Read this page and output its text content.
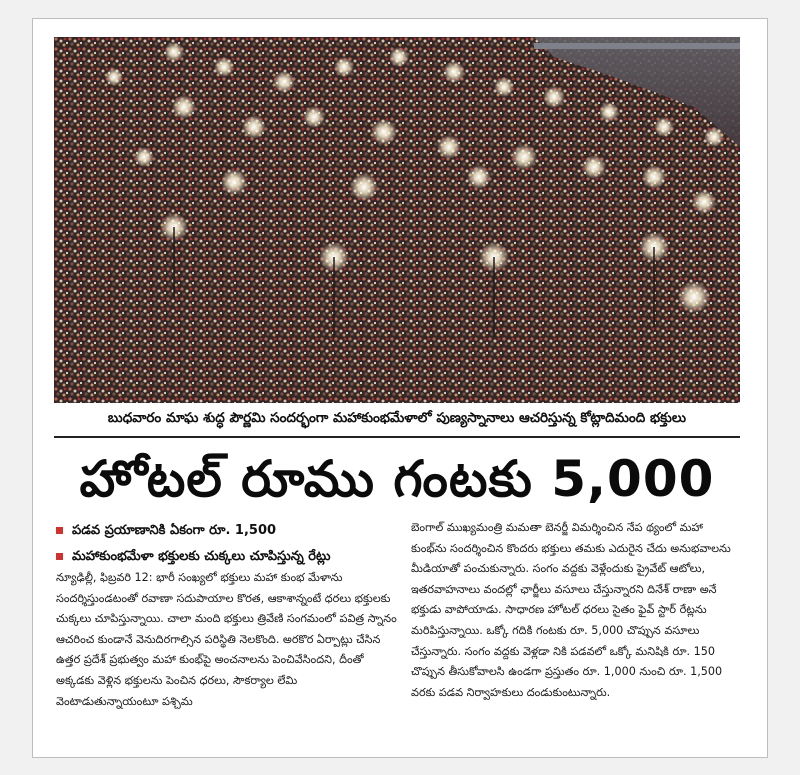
బుధవారం మాఘ శుద్ధ పౌర్ణమి సందర్భంగా మహాకుంభమేళాలో పుణ్యస్నానాలు ఆచరిస్తున్న కోట్లాదిమంది భక్తులు
హోటల్ రూము గంటకు 5,000
పడవ ప్రయాణానికి ఏకంగా రూ. 1,500
మహాకుంభమేళా భక్తులకు చుక్కలు చూపిస్తున్న రేట్లు

న్యూఢిల్లీ, ఫిబ్రవరి 12: భారీ సంఖ్యలో భక్తులు మహా కుంభ మేళాను సందర్శిస్తుండటంతో రవాణా సదుపాయాల కొరత, ఆకాశాన్నంటే ధరలు భక్తులకు చుక్కలు చూపిస్తున్నాయి. చాలా మంది భక్తులు త్రివేణి సంగమంలో పవిత్ర స్నానం ఆచరించ కుండానే వెనుదిరగాల్సిన పరిస్థితి నెలకొంది. అరకొర ఏర్పాట్లు చేసిన ఉత్తర ప్రదేశ్ ప్రభుత్వం మహా కుంభ్‌పై అంచనాలను పెంచివేసిందని, దీంతో అక్కడకు వెళ్లిన భక్తులను పెంచిన ధరలు, సౌకర్యాల లేమి వెంటాడుతున్నాయంటూ పశ్చిమ

బెంగాల్ ముఖ్యమంత్రి మమతా బెనర్జీ విమర్శించిన నేప థ్యంలో మహా కుంభ్‌ను సందర్శించిన కొందరు భక్తులు తమకు ఎదురైన చేదు అనుభవాలను మీడియాతో పంచుకున్నారు. సంగం వద్దకు వెళ్లేందుకు ప్రైవేట్ ఆటోలు, ఇతరవాహనాలు వందల్లో ఛార్జీలు వసూలు చేస్తున్నారని దినేశ్ రాణా అనే భక్తుడు వాపోయాడు. సాధారణ హోటల్ ధరలు సైతం ఫైవ్ స్టార్ రేట్లను మరిపిస్తున్నాయి. ఒక్కో గదికి గంటకు రూ. 5,000 చొప్పున వసూలు చేస్తున్నారు. సంగం వద్దకు వెళ్లడా నికి పడవలో ఒక్కో మనిషికి రూ. 150 చొప్పున తీసుకోవాలసి ఉండగా ప్రస్తుతం రూ. 1,000 నుంచి రూ. 1,500 వరకు పడవ నిర్వాహకులు దండుకుంటున్నారు.
